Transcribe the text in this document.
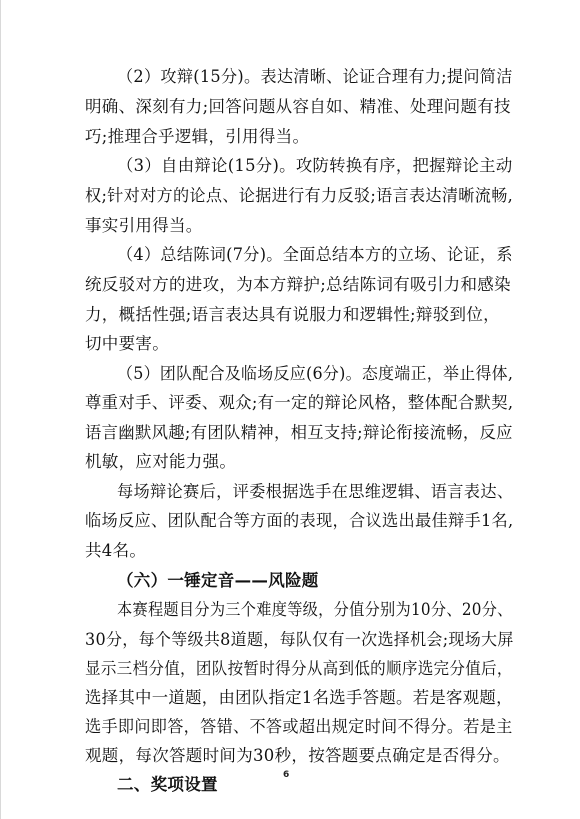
（2）攻辩(15分)。表达清晰、论证合理有力;提问简洁
明确、深刻有力;回答问题从容自如、精准、处理问题有技
巧;推理合乎逻辑，引用得当。
（3）自由辩论(15分)。攻防转换有序，把握辩论主动
权;针对对方的论点、论据进行有力反驳;语言表达清晰流畅,
事实引用得当。
（4）总结陈词(7分)。全面总结本方的立场、论证，系
统反驳对方的进攻，为本方辩护;总结陈词有吸引力和感染
力，概括性强;语言表达具有说服力和逻辑性;辩驳到位，
切中要害。
（5）团队配合及临场反应(6分)。态度端正，举止得体,
尊重对手、评委、观众;有一定的辩论风格，整体配合默契,
语言幽默风趣;有团队精神，相互支持;辩论衔接流畅，反应
机敏，应对能力强。
每场辩论赛后，评委根据选手在思维逻辑、语言表达、
临场反应、团队配合等方面的表现，合议选出最佳辩手1名,
共4名。
（六）一锤定音——风险题
本赛程题目分为三个难度等级，分值分别为10分、20分、
30分，每个等级共8道题，每队仅有一次选择机会;现场大屏
显示三档分值，团队按暂时得分从高到低的顺序选完分值后，
选择其中一道题，由团队指定1名选手答题。若是客观题，
选手即问即答，答错、不答或超出规定时间不得分。若是主
观题，每次答题时间为30秒，按答题要点确定是否得分。
6
二、奖项设置
